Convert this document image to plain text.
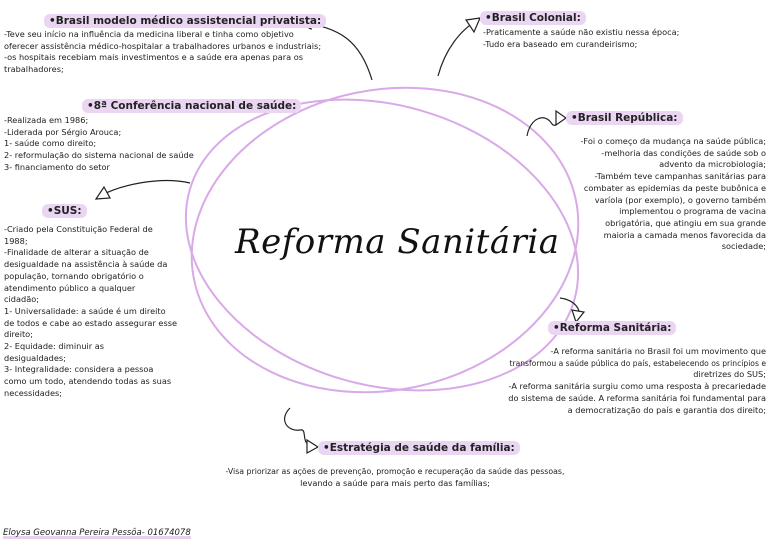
Reforma Sanitária
•Brasil modelo médico assistencial privatista:
-Teve seu início na influência da medicina liberal e tinha como objetivo
oferecer assistência médico-hospitalar a trabalhadores urbanos e industriais;
-os hospitais recebiam mais investimentos e a saúde era apenas para os
trabalhadores;
•Brasil Colonial:
-Praticamente a saúde não existiu nessa época;
-Tudo era baseado em curandeirismo;
•8ª Conferência nacional de saúde:
-Realizada em 1986;
-Liderada por Sérgio Arouca;
1- saúde como direito;
2- reformulação do sistema nacional de saúde
3- financiamento do setor
•Brasil República:
-Foi o começo da mudança na saúde pública;
-melhoria das condições de saúde sob o
advento da microbiologia;
-Também teve campanhas sanitárias para
combater as epidemias da peste bubônica e
varíola (por exemplo), o governo também
implementou o programa de vacina
obrigatória, que atingiu em sua grande
maioria a camada menos favorecida da
sociedade;
•SUS:
-Criado pela Constituição Federal de
1988;
-Finalidade de alterar a situação de
desigualdade na assistência à saúde da
população, tornando obrigatório o
atendimento público a qualquer
cidadão;
1- Universalidade: a saúde é um direito
de todos e cabe ao estado assegurar esse
direito;
2- Equidade: diminuir as
desigualdades;
3- Integralidade: considera a pessoa
como um todo, atendendo todas as suas
necessidades;
•Reforma Sanitária:
-A reforma sanitária no Brasil foi um movimento que
transformou a saúde pública do país, estabelecendo os princípios e
diretrizes do SUS;
-A reforma sanitária surgiu como uma resposta à precariedade
do sistema de saúde. A reforma sanitária foi fundamental para
a democratização do país e garantia dos direito;
•Estratégia de saúde da família:
-Visa priorizar as ações de prevenção, promoção e recuperação da saúde das pessoas,
levando a saúde para mais perto das famílias;
Eloysa Geovanna Pereira Pessôa- 01674078
